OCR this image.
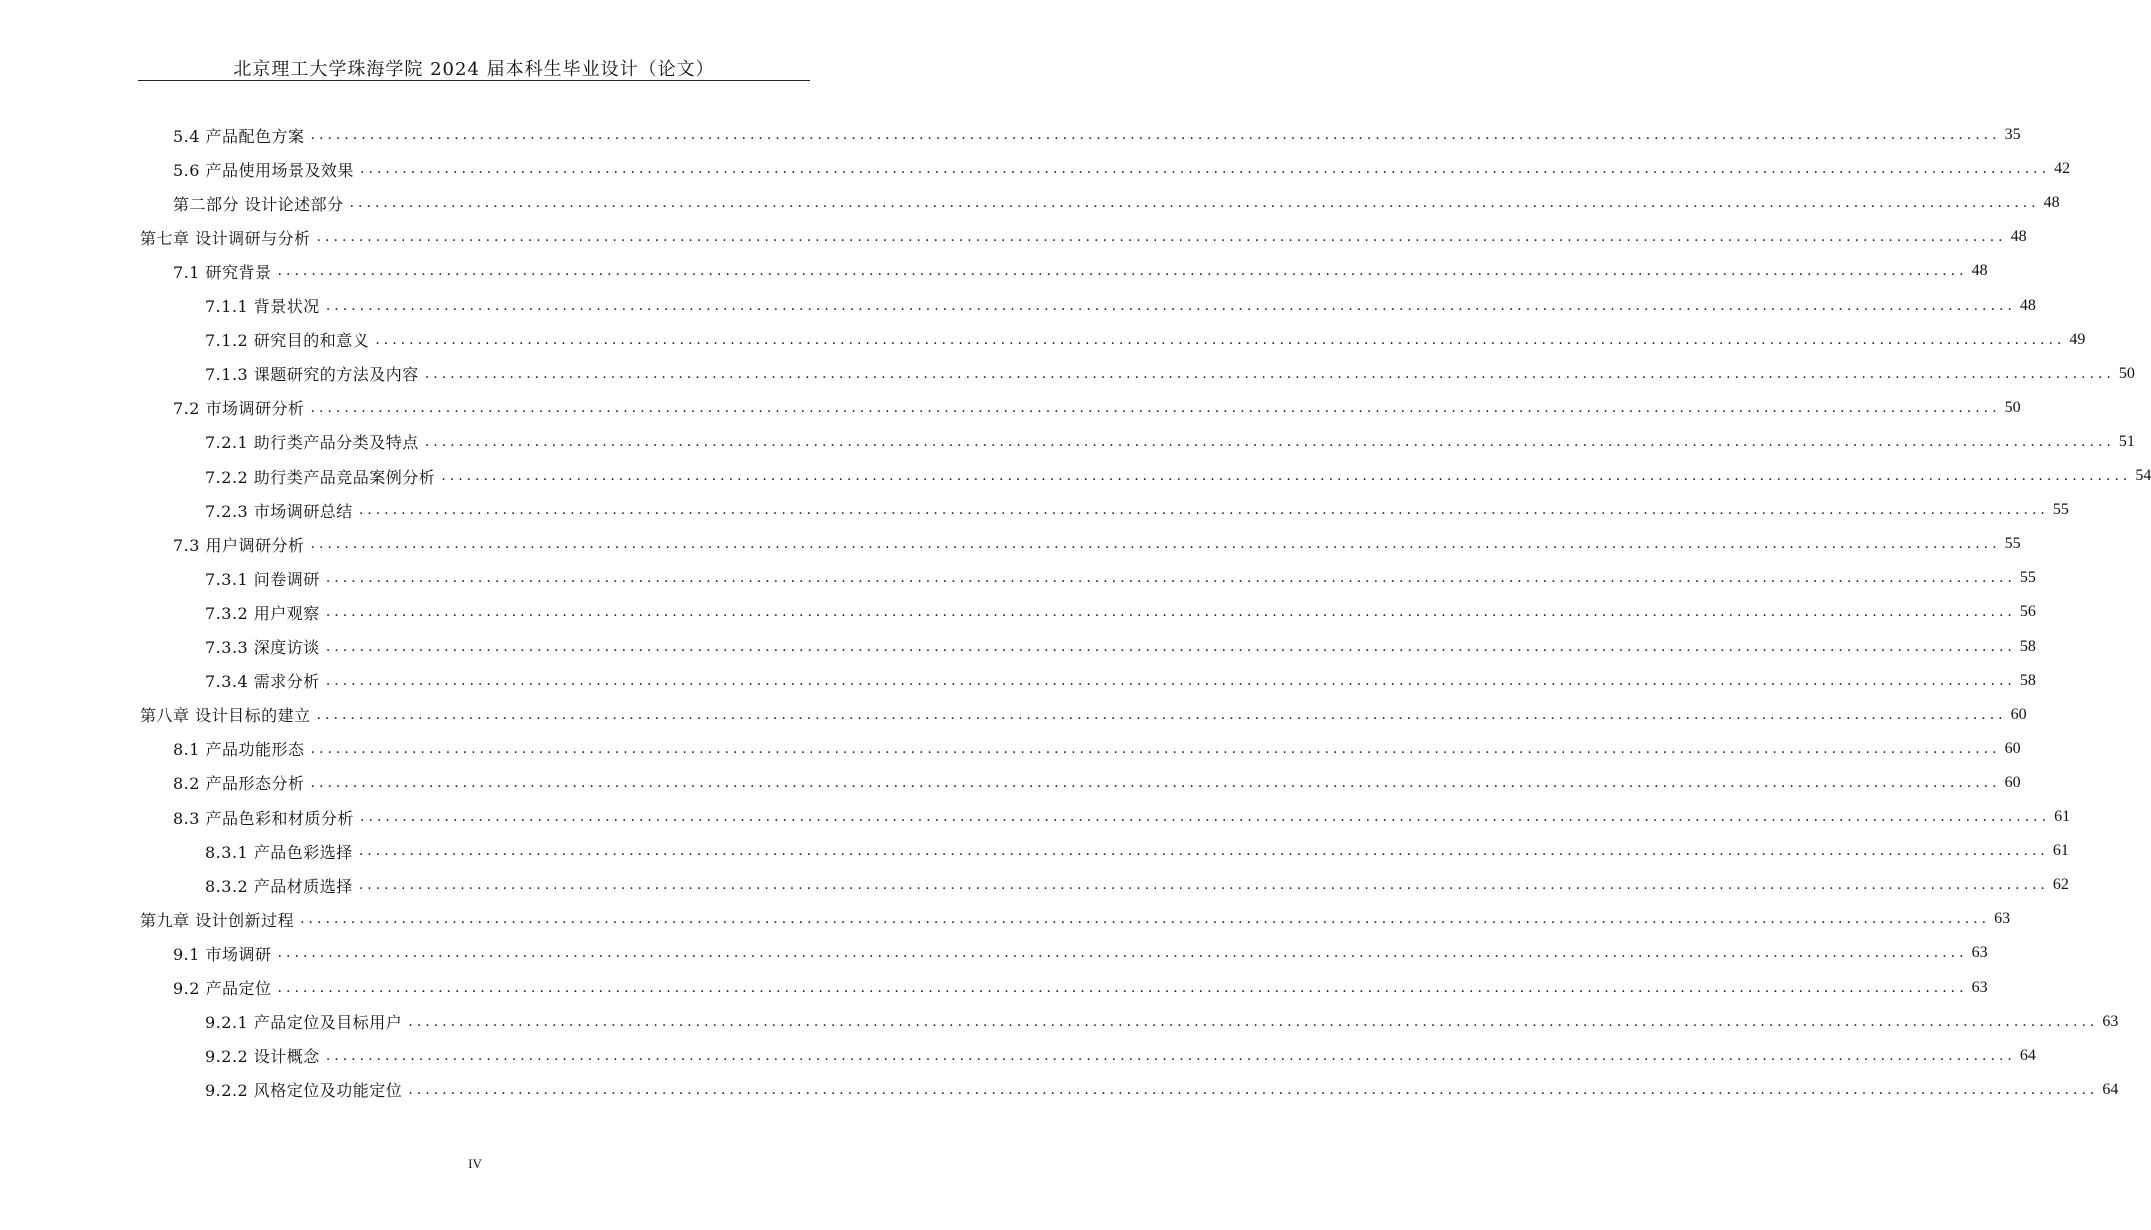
北京理工大学珠海学院 2024 届本科生毕业设计（论文）
5.4 产品配色方案 ........................................................................................................................................................................................................ 35
5.6 产品使用场景及效果 ........................................................................................................................................................................................................ 42
第二部分 设计论述部分 ........................................................................................................................................................................................................ 48
第七章 设计调研与分析 ........................................................................................................................................................................................................ 48
7.1 研究背景 ........................................................................................................................................................................................................ 48
7.1.1 背景状况 ........................................................................................................................................................................................................ 48
7.1.2 研究目的和意义 ........................................................................................................................................................................................................ 49
7.1.3 课题研究的方法及内容 ........................................................................................................................................................................................................ 50
7.2 市场调研分析 ........................................................................................................................................................................................................ 50
7.2.1 助行类产品分类及特点 ........................................................................................................................................................................................................ 51
7.2.2 助行类产品竞品案例分析 ........................................................................................................................................................................................................ 54
7.2.3 市场调研总结 ........................................................................................................................................................................................................ 55
7.3 用户调研分析 ........................................................................................................................................................................................................ 55
7.3.1 问卷调研 ........................................................................................................................................................................................................ 55
7.3.2 用户观察 ........................................................................................................................................................................................................ 56
7.3.3 深度访谈 ........................................................................................................................................................................................................ 58
7.3.4 需求分析 ........................................................................................................................................................................................................ 58
第八章 设计目标的建立 ........................................................................................................................................................................................................ 60
8.1 产品功能形态 ........................................................................................................................................................................................................ 60
8.2 产品形态分析 ........................................................................................................................................................................................................ 60
8.3 产品色彩和材质分析 ........................................................................................................................................................................................................ 61
8.3.1 产品色彩选择 ........................................................................................................................................................................................................ 61
8.3.2 产品材质选择 ........................................................................................................................................................................................................ 62
第九章 设计创新过程 ........................................................................................................................................................................................................ 63
9.1 市场调研 ........................................................................................................................................................................................................ 63
9.2 产品定位 ........................................................................................................................................................................................................ 63
9.2.1 产品定位及目标用户 ........................................................................................................................................................................................................ 63
9.2.2 设计概念 ........................................................................................................................................................................................................ 64
9.2.2 风格定位及功能定位 ........................................................................................................................................................................................................ 64
IV
